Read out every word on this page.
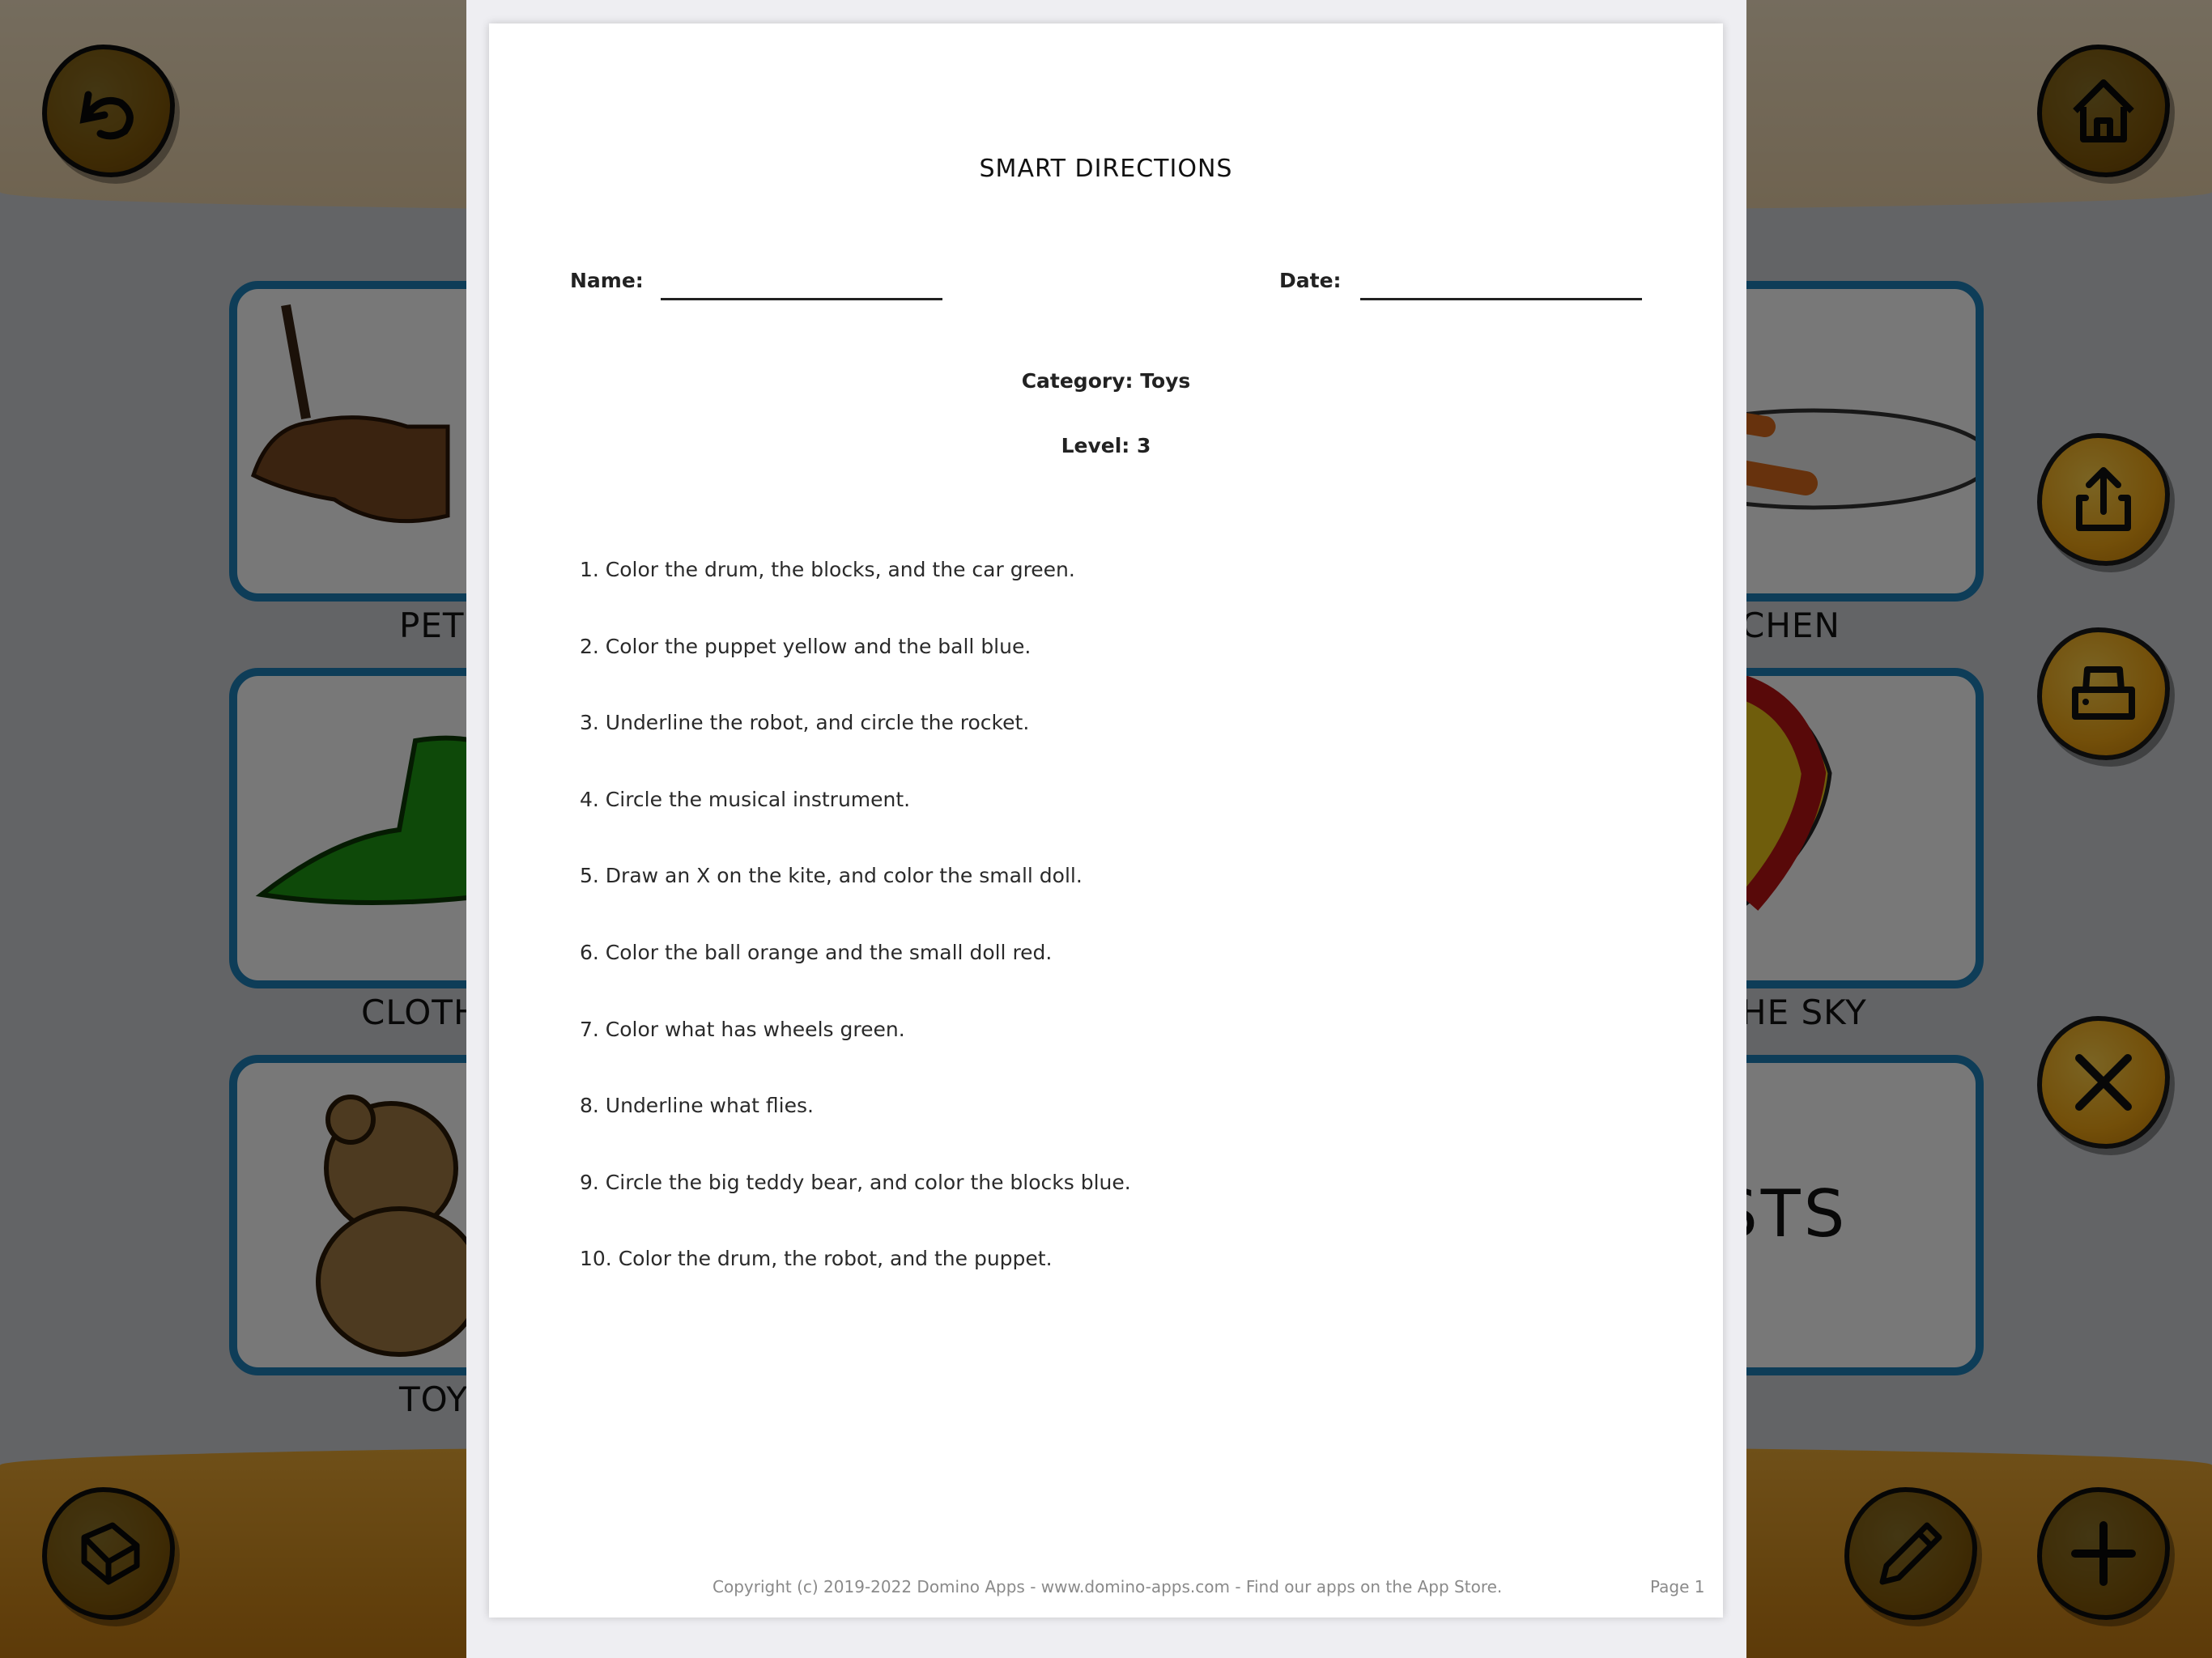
SMART DIRECTIONS
Name:	Date:
Category: Toys
Level: 3
1. Color the drum, the blocks, and the car green.
2. Color the puppet yellow and the ball blue.
3. Underline the robot, and circle the rocket.
4. Circle the musical instrument.
5. Draw an X on the kite, and color the small doll.
6. Color the ball orange and the small doll red.
7. Color what has wheels green.
8. Underline what flies.
9. Circle the big teddy bear, and color the blocks blue.
10. Color the drum, the robot, and the puppet.
Copyright (c) 2019-2022 Domino Apps - www.domino-apps.com - Find our apps on the App Store.	Page 1
